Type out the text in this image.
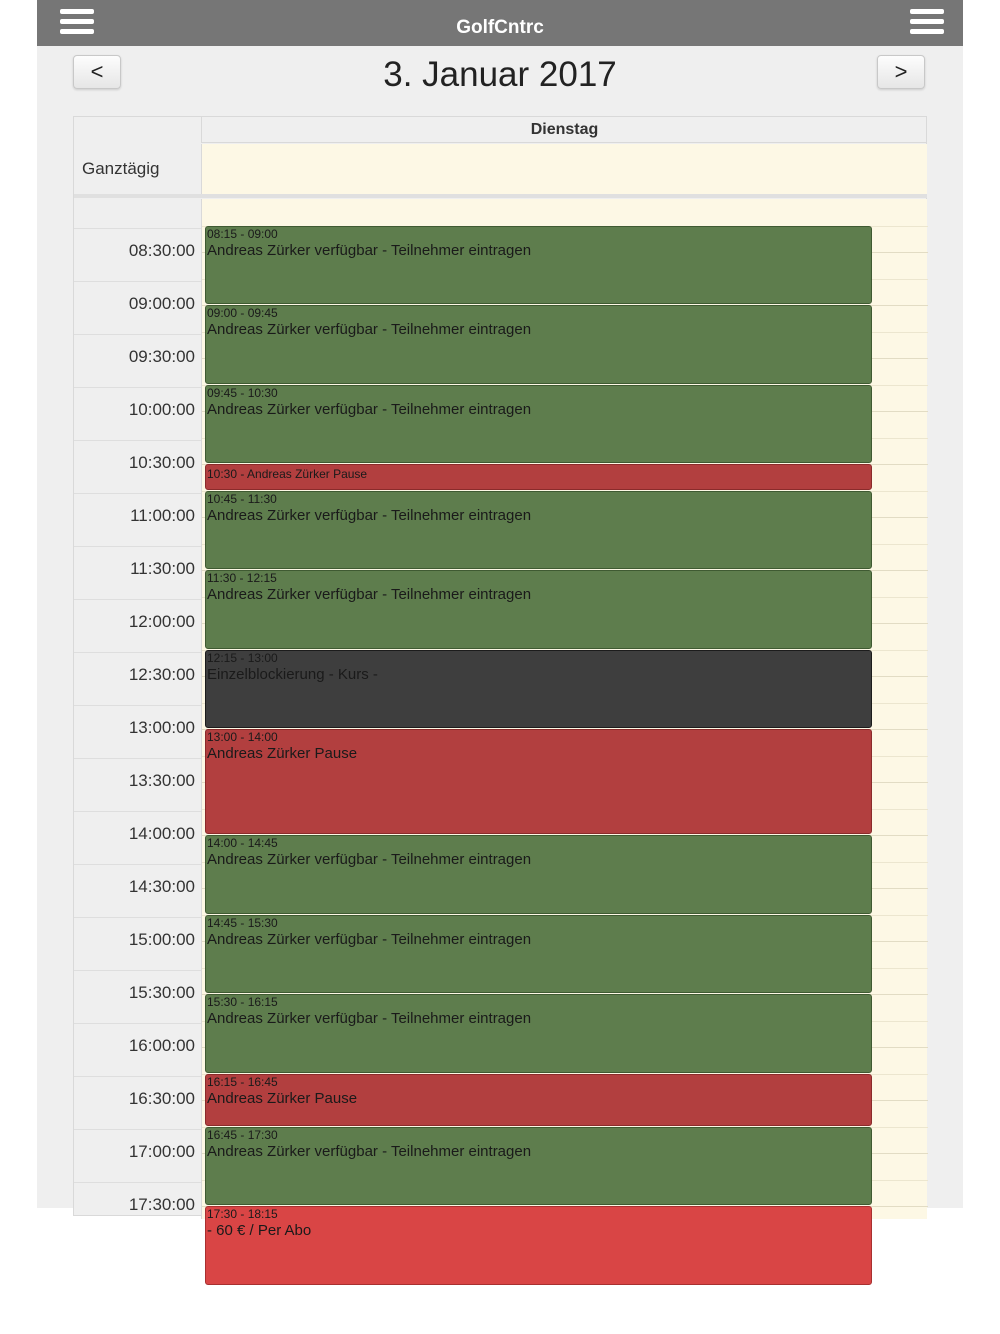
GolfCntrc
<	3. Januar 2017	>
Dienstag
Ganztägig
08:15 - 09:00
Andreas Zürker verfügbar - Teilnehmer eintragen
09:00 - 09:45
Andreas Zürker verfügbar - Teilnehmer eintragen
09:45 - 10:30
Andreas Zürker verfügbar - Teilnehmer eintragen
10:30 - Andreas Zürker Pause
10:45 - 11:30
Andreas Zürker verfügbar - Teilnehmer eintragen
11:30 - 12:15
Andreas Zürker verfügbar - Teilnehmer eintragen
12:15 - 13:00
Einzelblockierung - Kurs -
13:00 - 14:00
Andreas Zürker Pause
14:00 - 14:45
Andreas Zürker verfügbar - Teilnehmer eintragen
14:45 - 15:30
Andreas Zürker verfügbar - Teilnehmer eintragen
15:30 - 16:15
Andreas Zürker verfügbar - Teilnehmer eintragen
16:15 - 16:45
Andreas Zürker Pause
16:45 - 17:30
Andreas Zürker verfügbar - Teilnehmer eintragen
17:30 - 18:15
- 60 € / Per Abo
08:30:00
09:00:00
09:30:00
10:00:00
10:30:00
11:00:00
11:30:00
12:00:00
12:30:00
13:00:00
13:30:00
14:00:00
14:30:00
15:00:00
15:30:00
16:00:00
16:30:00
17:00:00
17:30:00
